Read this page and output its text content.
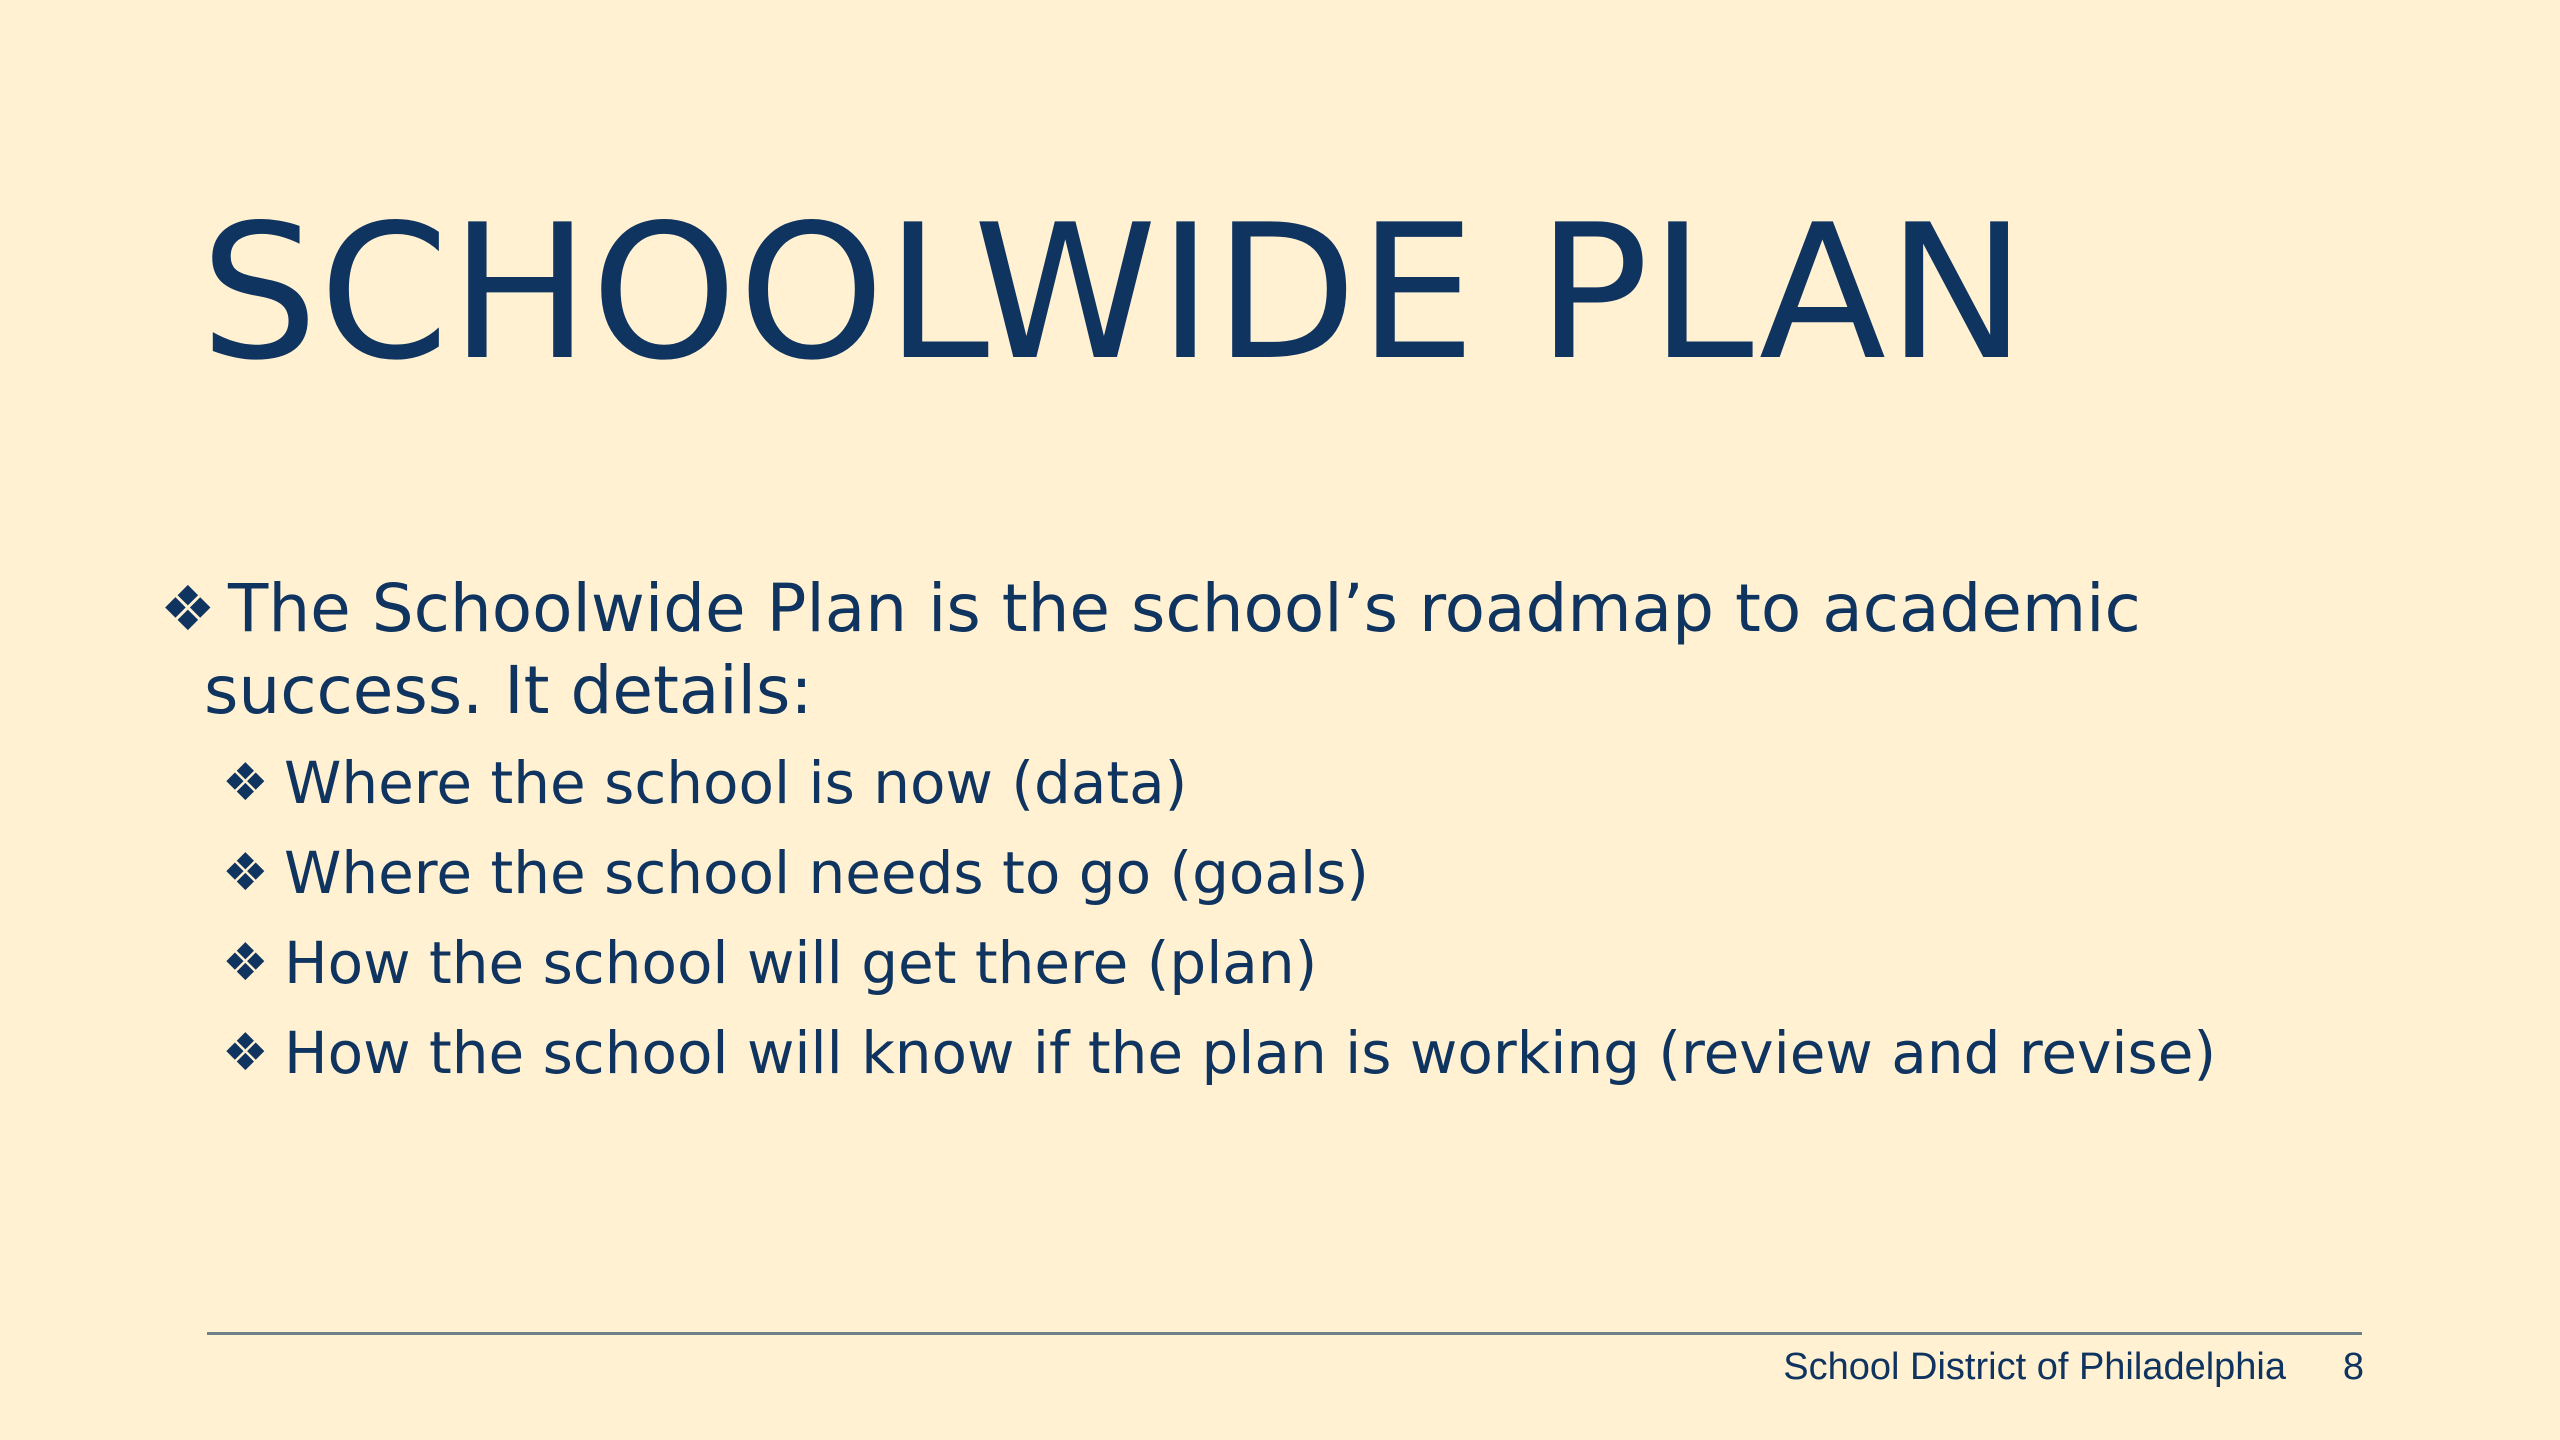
SCHOOLWIDE PLAN
❖ The Schoolwide Plan is the school’s roadmap to academic
success. It details:
❖ Where the school is now (data)
❖ Where the school needs to go (goals)
❖ How the school will get there (plan)
❖ How the school will know if the plan is working (review and revise)
School District of Philadelphia 8
